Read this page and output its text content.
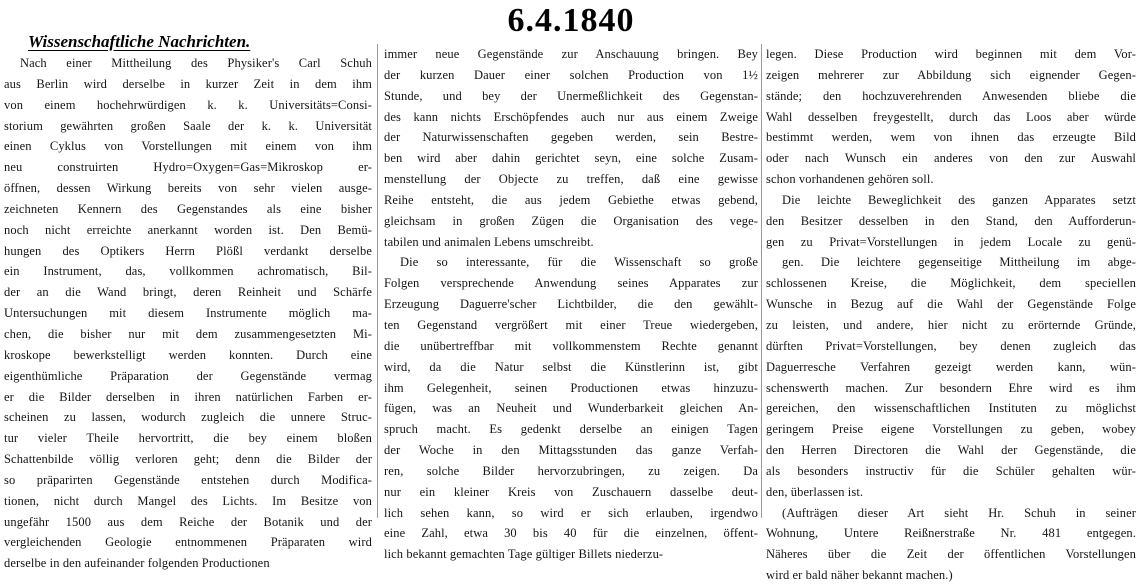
6.4.1840
Wissenschaftliche Nachrichten.
Nach einer Mittheilung des Physiker's Carl Schuh
aus Berlin wird derselbe in kurzer Zeit in dem ihm
von einem hochehrwürdigen k. k. Universitäts=Consi-
storium gewährten großen Saale der k. k. Universität
einen Cyklus von Vorstellungen mit einem von ihm
neu construirten Hydro=Oxygen=Gas=Mikroskop er-
öffnen, dessen Wirkung bereits von sehr vielen ausge-
zeichneten Kennern des Gegenstandes als eine bisher
noch nicht erreichte anerkannt worden ist. Den Bemü-
hungen des Optikers Herrn Plößl verdankt derselbe
ein Instrument, das, vollkommen achromatisch, Bil-
der an die Wand bringt, deren Reinheit und Schärfe
Untersuchungen mit diesem Instrumente möglich ma-
chen, die bisher nur mit dem zusammengesetzten Mi-
kroskope bewerkstelligt werden konnten. Durch eine
eigenthümliche Präparation der Gegenstände vermag
er die Bilder derselben in ihren natürlichen Farben er-
scheinen zu lassen, wodurch zugleich die unnere Struc-
tur vieler Theile hervortritt, die bey einem bloßen
Schattenbilde völlig verloren geht; denn die Bilder der
so präparirten Gegenstände entstehen durch Modifica-
tionen, nicht durch Mangel des Lichts. Im Besitze von
ungefähr 1500 aus dem Reiche der Botanik und der
vergleichenden Geologie entnommenen Präparaten wird
derselbe in den aufeinander folgenden Productionen
immer neue Gegenstände zur Anschauung bringen. Bey
der kurzen Dauer einer solchen Production von 1½
Stunde, und bey der Unermeßlichkeit des Gegenstan-
des kann nichts Erschöpfendes auch nur aus einem Zweige
der Naturwissenschaften gegeben werden, sein Bestre-
ben wird aber dahin gerichtet seyn, eine solche Zusam-
menstellung der Objecte zu treffen, daß eine gewisse
Reihe entsteht, die aus jedem Gebiethe etwas gebend,
gleichsam in großen Zügen die Organisation des vege-
tabilen und animalen Lebens umschreibt.
Die so interessante, für die Wissenschaft so große
Folgen versprechende Anwendung seines Apparates zur
Erzeugung Daguerre'scher Lichtbilder, die den gewählt-
ten Gegenstand vergrößert mit einer Treue wiedergeben,
die unübertreffbar mit vollkommenstem Rechte genannt
wird, da die Natur selbst die Künstlerinn ist, gibt
ihm Gelegenheit, seinen Productionen etwas hinzuzu-
fügen, was an Neuheit und Wunderbarkeit gleichen An-
spruch macht. Es gedenkt derselbe an einigen Tagen
der Woche in den Mittagsstunden das ganze Verfah-
ren, solche Bilder hervorzubringen, zu zeigen. Da
nur ein kleiner Kreis von Zuschauern dasselbe deut-
lich sehen kann, so wird er sich erlauben, irgendwo
eine Zahl, etwa 30 bis 40 für die einzelnen, öffent-
lich bekannt gemachten Tage gültiger Billets niederzu-
legen. Diese Production wird beginnen mit dem Vor-
zeigen mehrerer zur Abbildung sich eignender Gegen-
stände; den hochzuverehrenden Anwesenden bliebe die
Wahl desselben freygestellt, durch das Loos aber würde
bestimmt werden, wem von ihnen das erzeugte Bild
oder nach Wunsch ein anderes von den zur Auswahl
schon vorhandenen gehören soll.
Die leichte Beweglichkeit des ganzen Apparates setzt
den Besitzer desselben in den Stand, den Aufforderun-
gen zu Privat=Vorstellungen in jedem Locale zu genü-
gen. Die leichtere gegenseitige Mittheilung im abge-
schlossenen Kreise, die Möglichkeit, dem speciellen
Wunsche in Bezug auf die Wahl der Gegenstände Folge
zu leisten, und andere, hier nicht zu erörternde Gründe,
dürften Privat=Vorstellungen, bey denen zugleich das
Daguerresche Verfahren gezeigt werden kann, wün-
schenswerth machen. Zur besondern Ehre wird es ihm
gereichen, den wissenschaftlichen Instituten zu möglichst
geringem Preise eigene Vorstellungen zu geben, wobey
den Herren Directoren die Wahl der Gegenstände, die
als besonders instructiv für die Schüler gehalten wür-
den, überlassen ist.
(Aufträgen dieser Art sieht Hr. Schuh in seiner
Wohnung, Untere Reißnerstraße Nr. 481 entgegen.
Näheres über die Zeit der öffentlichen Vorstellungen
wird er bald näher bekannt machen.)
